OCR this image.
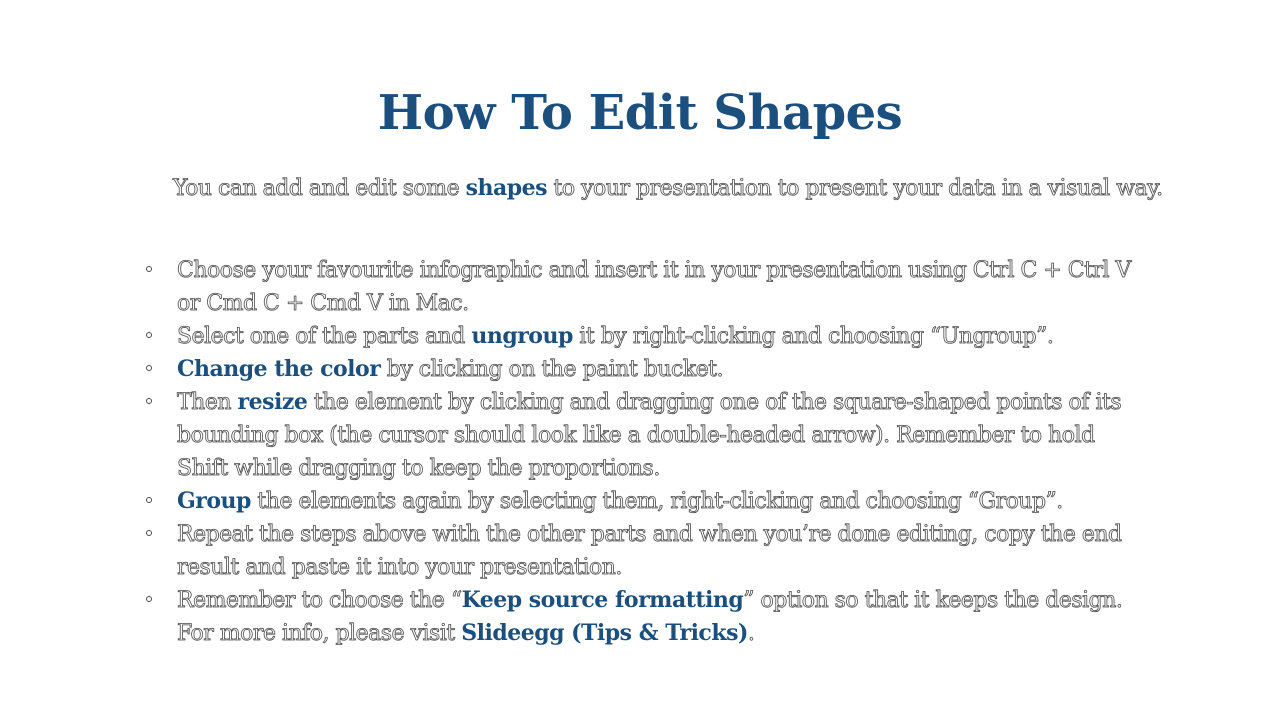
How To Edit Shapes
You can add and edit some shapes to your presentation to present your data in a visual way.
Choose your favourite infographic and insert it in your presentation using Ctrl C + Ctrl V or Cmd C + Cmd V in Mac.
Select one of the parts and ungroup it by right-clicking and choosing “Ungroup”.
Change the color by clicking on the paint bucket.
Then resize the element by clicking and dragging one of the square-shaped points of its bounding box (the cursor should look like a double-headed arrow). Remember to hold Shift while dragging to keep the proportions.
Group the elements again by selecting them, right-clicking and choosing “Group”.
Repeat the steps above with the other parts and when you’re done editing, copy the end result and paste it into your presentation.
Remember to choose the “Keep source formatting” option so that it keeps the design.
For more info, please visit Slideegg (Tips & Tricks).
